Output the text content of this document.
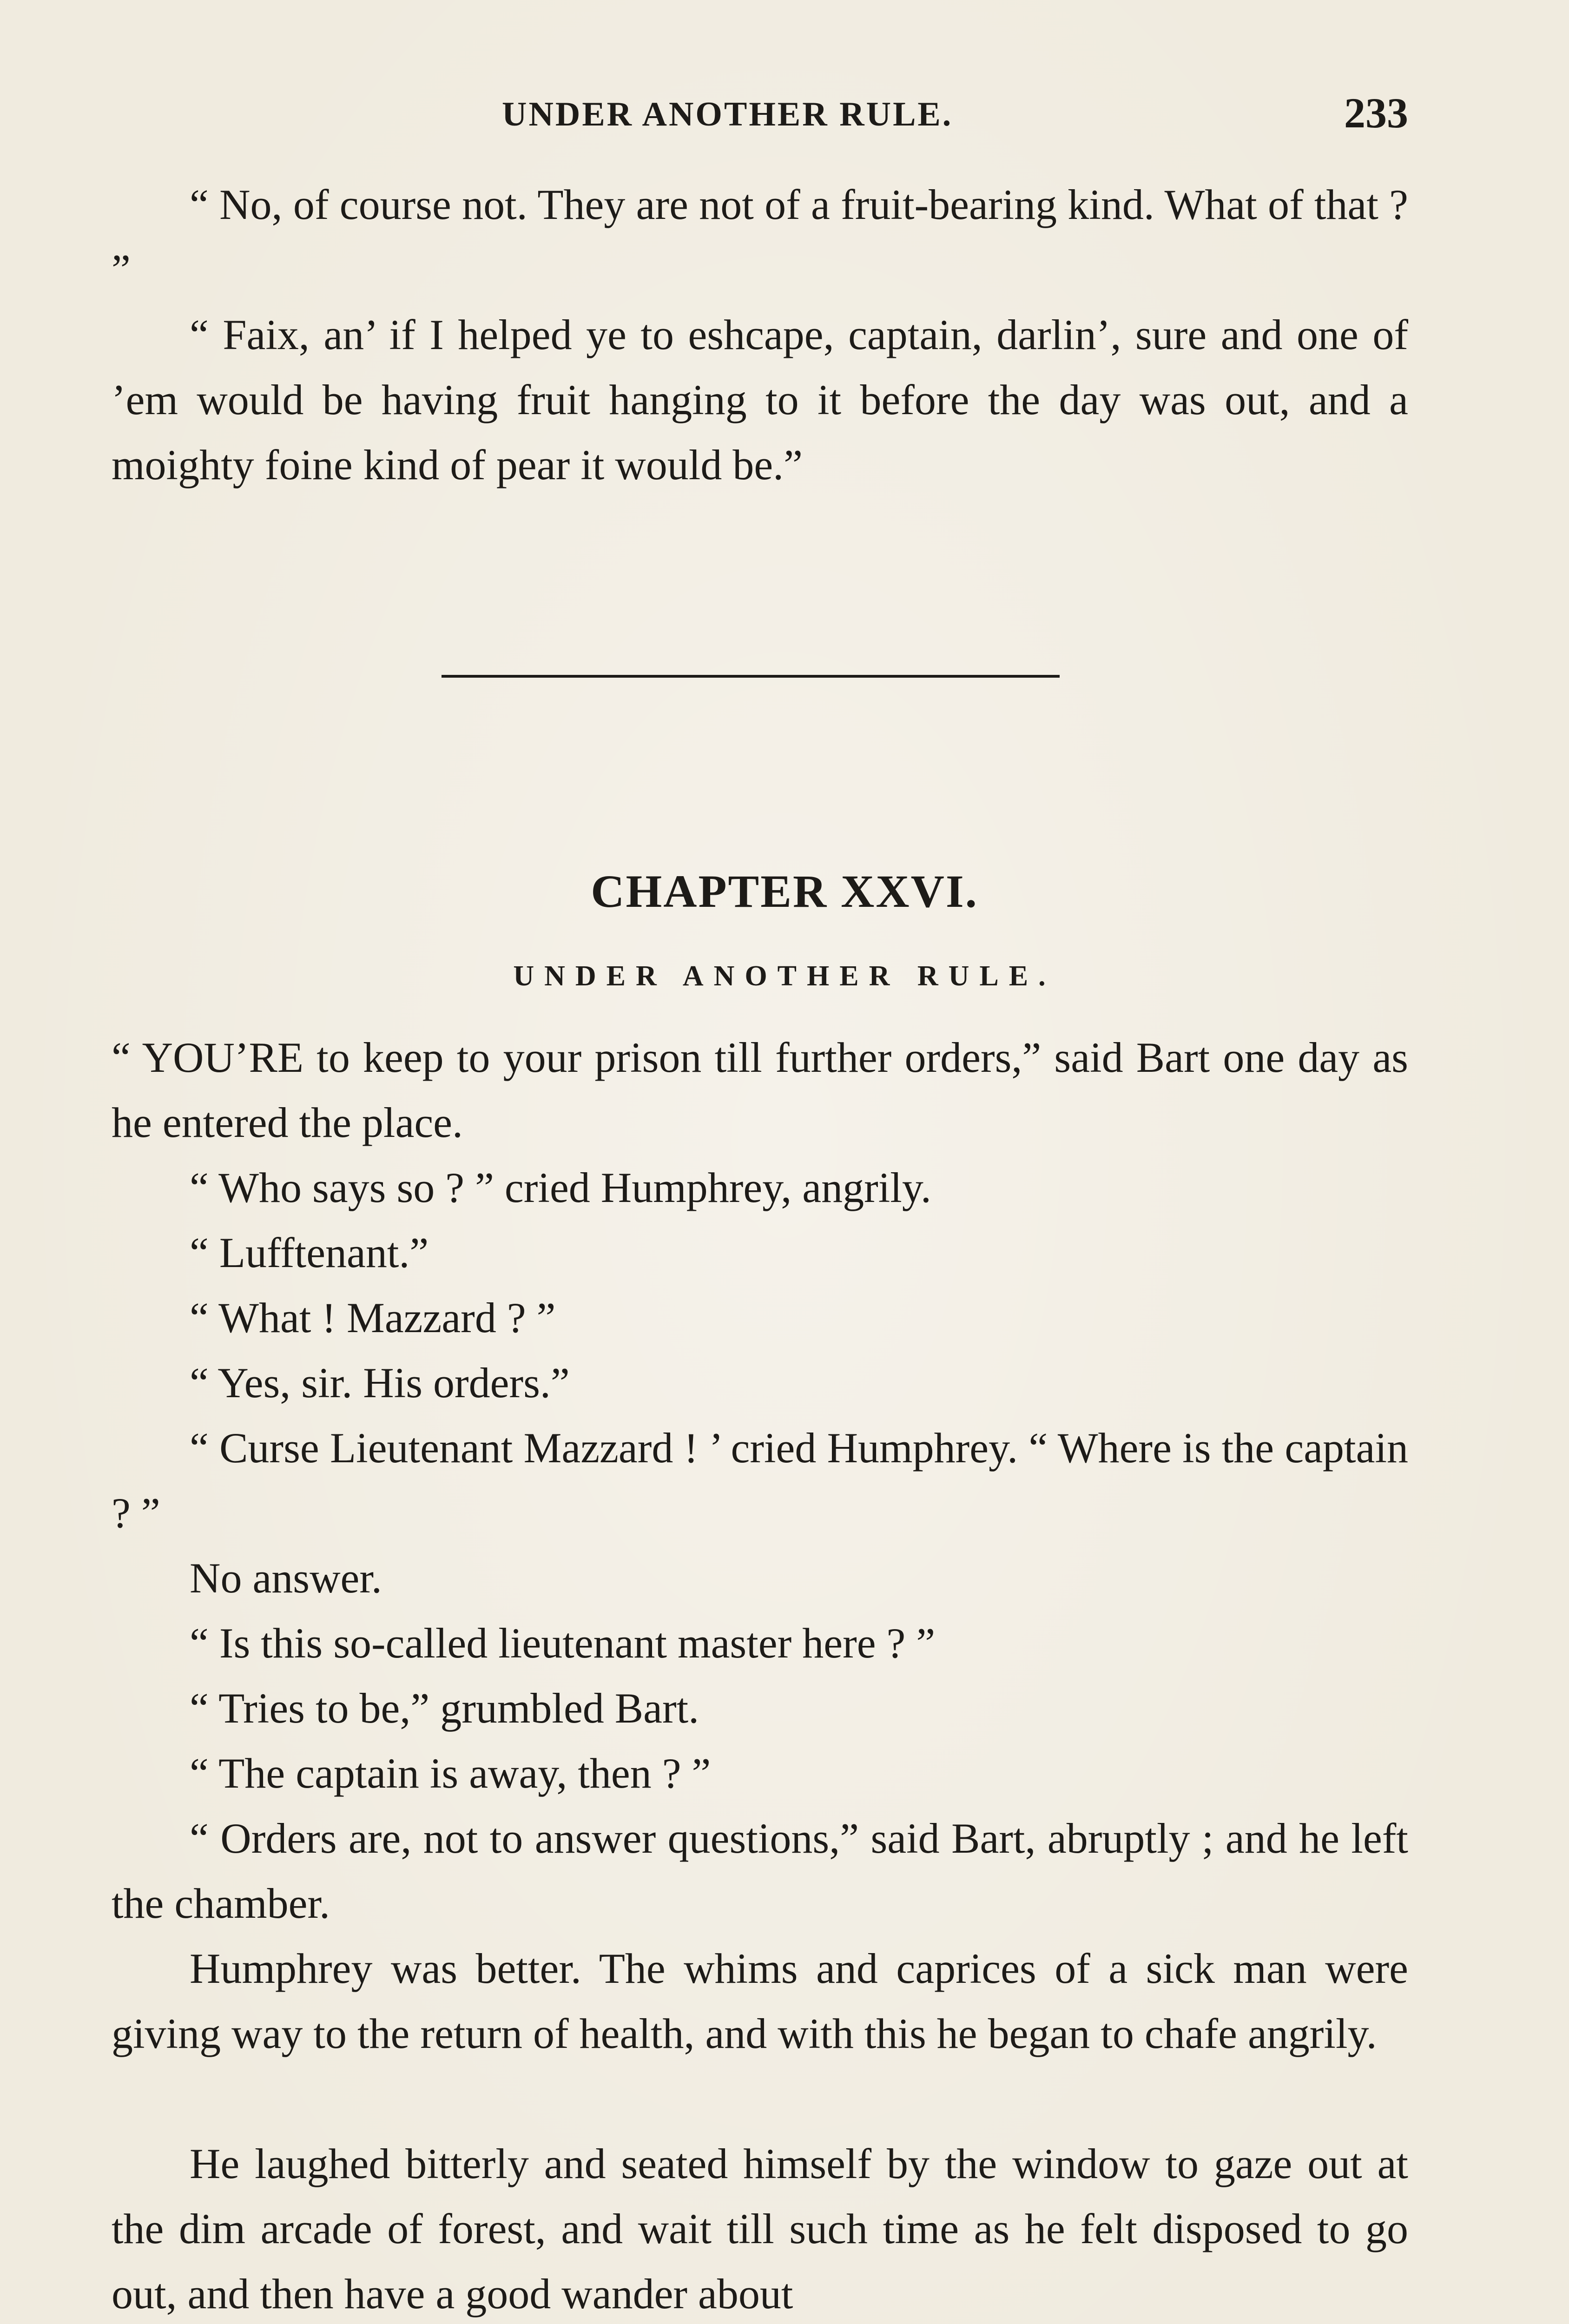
UNDER ANOTHER RULE.	233

“ No, of course not. They are not of a fruit-bearing kind. What of that ? ”

“ Faix, an’ if I helped ye to eshcape, captain, darlin’, sure and one of ’em would be having fruit hanging to it before the day was out, and a moighty foine kind of pear it would be.”

CHAPTER XXVI.
UNDER ANOTHER RULE.

“ YOU’RE to keep to your prison till further orders,” said Bart one day as he entered the place.

“ Who says so ? ” cried Humphrey, angrily.

“ Lufftenant.”

“ What ! Mazzard ? ”

“ Yes, sir. His orders.”

“ Curse Lieutenant Mazzard ! ’ cried Humphrey. “ Where is the captain ? ”

No answer.

“ Is this so-called lieutenant master here ? ”

“ Tries to be,” grumbled Bart.

“ The captain is away, then ? ”

“ Orders are, not to answer questions,” said Bart, abruptly ; and he left the chamber.

Humphrey was better. The whims and caprices of a sick man were giving way to the return of health, and with this he began to chafe angrily.

He laughed bitterly and seated himself by the window to gaze out at the dim arcade of forest, and wait till such time as he felt disposed to go out, and then have a good wander about
